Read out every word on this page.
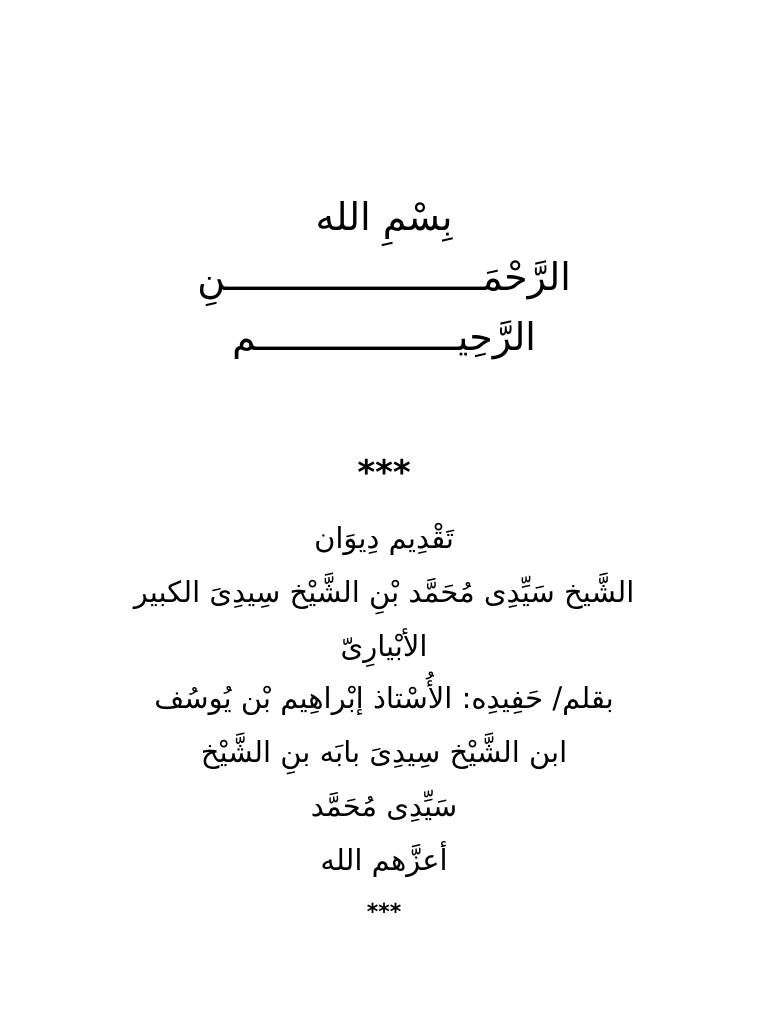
بِسْمِ الله
الرَّحْمَـــــــــــــــــــــــنِ
الرَّحِيــــــــــــــــــم
***
تَقْدِيم دِيوَان
الشَّيخ سَيِّدِى مُحَمَّد بْنِ الشَّيْخ سِيدِىَ الكبير
الأبْيارِىّ
بقلم/ حَفِيدِه: الأُسْتاذ إبْراهِيم بْن يُوسُف
ابن الشَّيْخ سِيدِىَ بابَه بنِ الشَّيْخ
سَيِّدِى مُحَمَّد
أعزَّهم الله
***
